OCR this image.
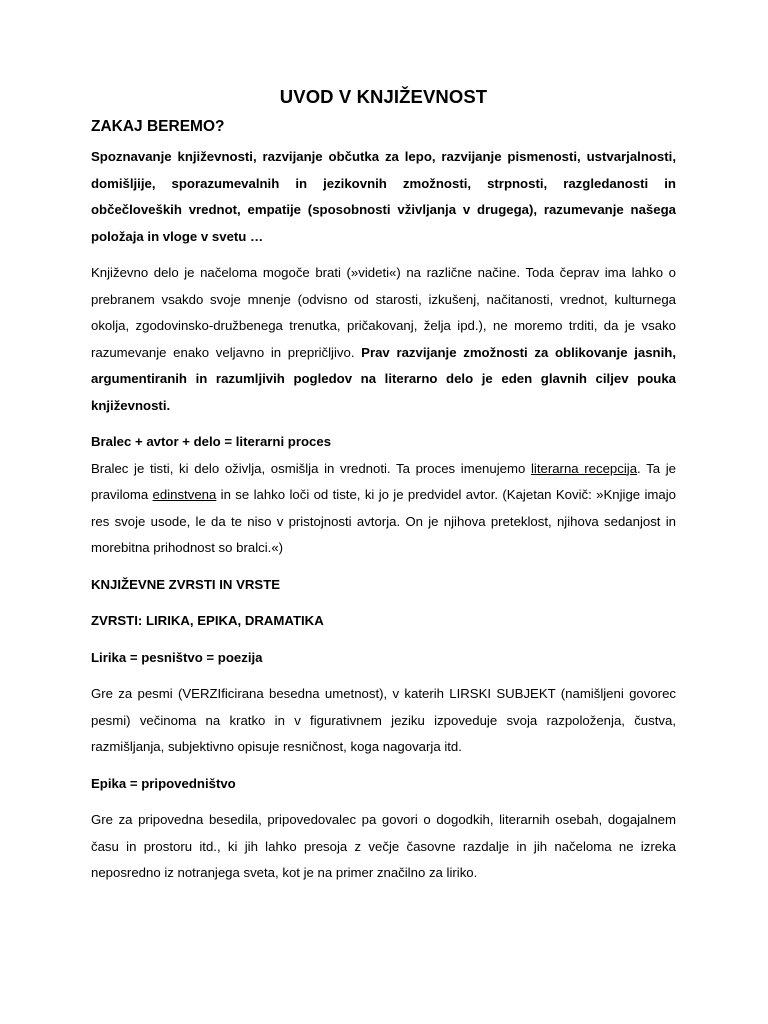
UVOD V KNJIŽEVNOST
ZAKAJ BEREMO?

Spoznavanje književnosti, razvijanje občutka za lepo, razvijanje pismenosti, ustvarjalnosti, domišljije, sporazumevalnih in jezikovnih zmožnosti, strpnosti, razgledanosti in občečloveških vrednot, empatije (sposobnosti vživljanja v drugega), razumevanje našega položaja in vloge v svetu …

Književno delo je načeloma mogoče brati (»videti«) na različne načine. Toda čeprav ima lahko o prebranem vsakdo svoje mnenje (odvisno od starosti, izkušenj, načitanosti, vrednot, kulturnega okolja, zgodovinsko-družbenega trenutka, pričakovanj, želja ipd.), ne moremo trditi, da je vsako razumevanje enako veljavno in prepričljivo. Prav razvijanje zmožnosti za oblikovanje jasnih, argumentiranih in razumljivih pogledov na literarno delo je eden glavnih ciljev pouka književnosti.

Bralec + avtor + delo = literarni proces

Bralec je tisti, ki delo oživlja, osmišlja in vrednoti. Ta proces imenujemo literarna recepcija. Ta je praviloma edinstvena in se lahko loči od tiste, ki jo je predvidel avtor. (Kajetan Kovič: »Knjige imajo res svoje usode, le da te niso v pristojnosti avtorja. On je njihova preteklost, njihova sedanjost in morebitna prihodnost so bralci.«)

KNJIŽEVNE ZVRSTI IN VRSTE
ZVRSTI: LIRIKA, EPIKA, DRAMATIKA
Lirika = pesništvo = poezija

Gre za pesmi (VERZIficirana besedna umetnost), v katerih LIRSKI SUBJEKT (namišljeni govorec pesmi) večinoma na kratko in v figurativnem jeziku izpoveduje svoja razpoloženja, čustva, razmišljanja, subjektivno opisuje resničnost, koga nagovarja itd.

Epika = pripovedništvo

Gre za pripovedna besedila, pripovedovalec pa govori o dogodkih, literarnih osebah, dogajalnem času in prostoru itd., ki jih lahko presoja z večje časovne razdalje in jih načeloma ne izreka neposredno iz notranjega sveta, kot je na primer značilno za liriko.
